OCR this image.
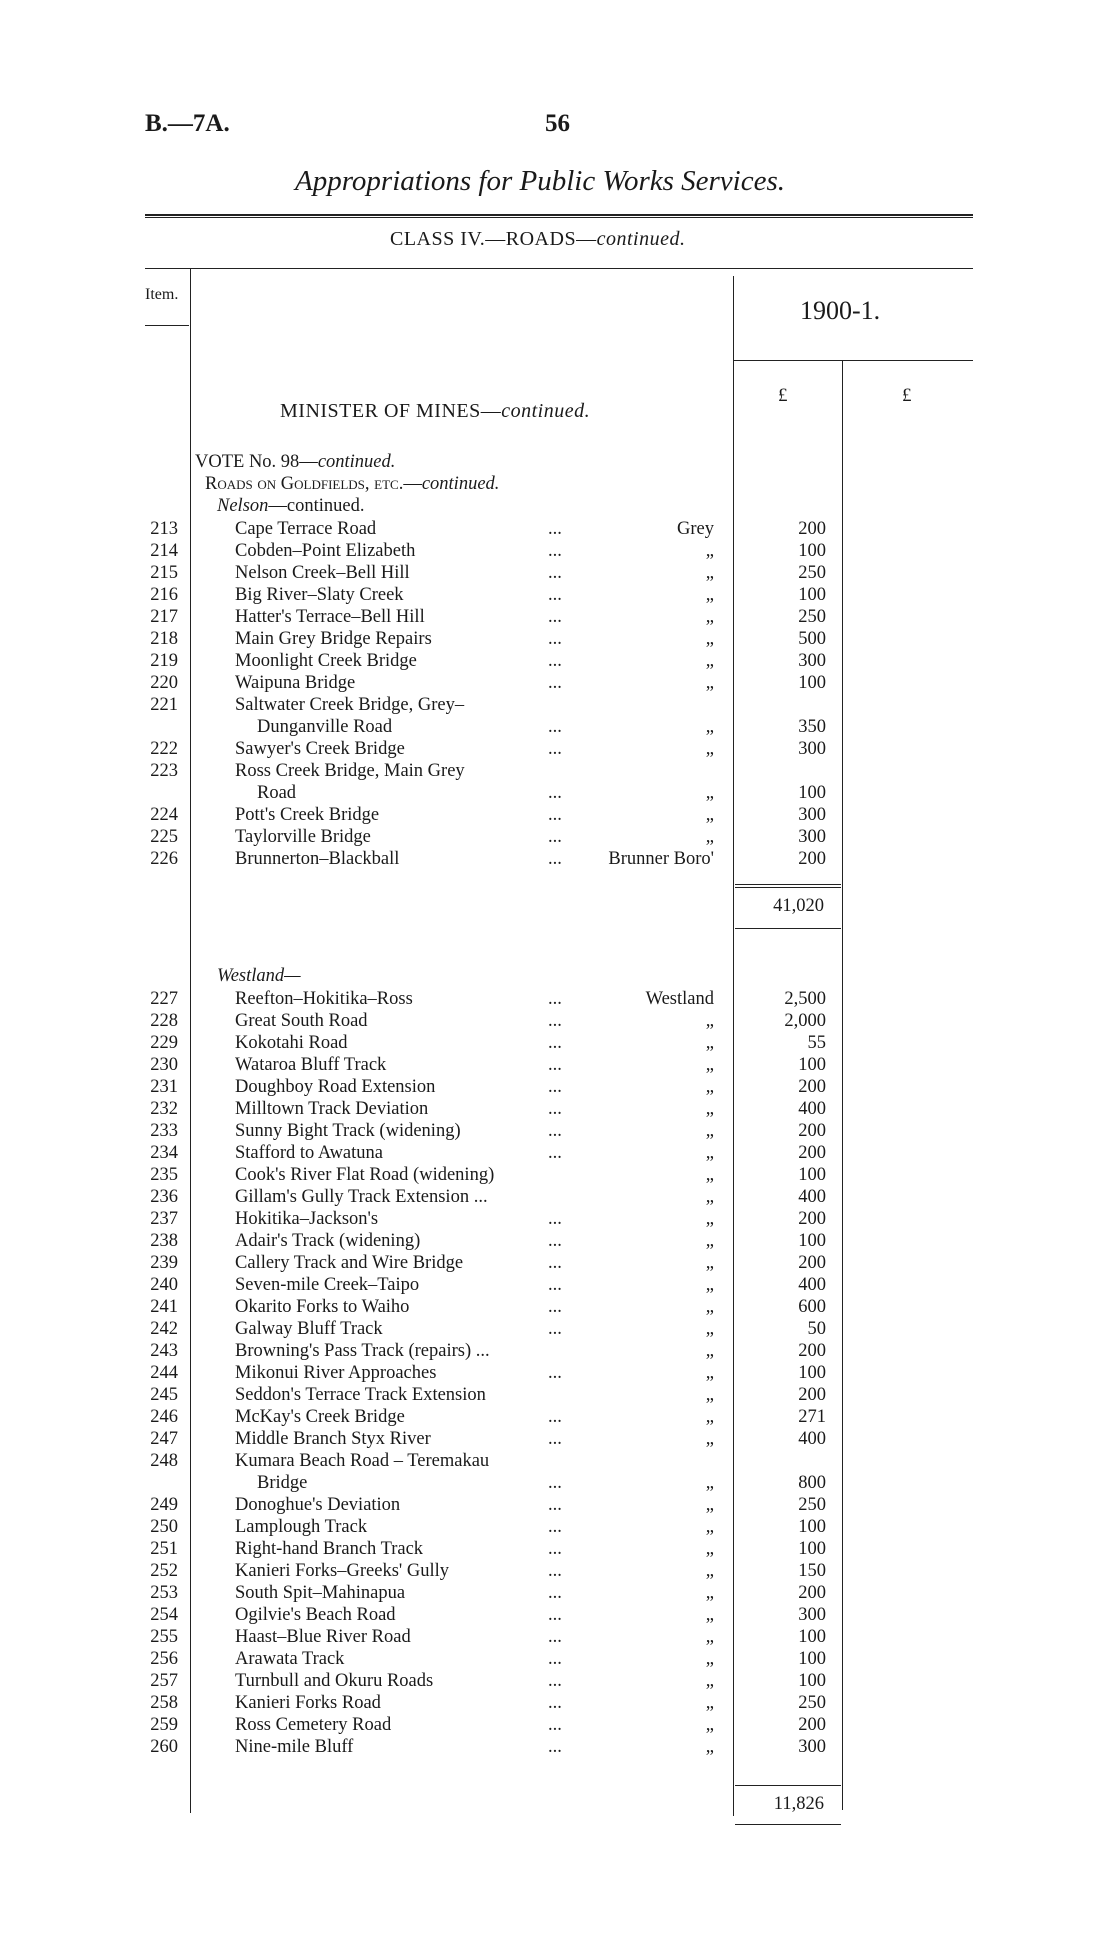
B.—7A.	56
Appropriations for Public Works Services.
CLASS IV.—ROADS—continued.
Item.
1900-1.
£	£
MINISTER OF MINES—continued.
VOTE No. 98—continued.
Roads on Goldfields, etc.—continued.
Nelson—continued.
213	Cape Terrace Road	...	Grey	200
214	Cobden–Point Elizabeth	...	„	100
215	Nelson Creek–Bell Hill	...	„	250
216	Big River–Slaty Creek	...	„	100
217	Hatter's Terrace–Bell Hill	...	„	250
218	Main Grey Bridge Repairs	...	„	500
219	Moonlight Creek Bridge	...	„	300
220	Waipuna Bridge	...	„	100
221	Saltwater Creek Bridge, Grey–
Dunganville Road	...	„	350
222	Sawyer's Creek Bridge	...	„	300
223	Ross Creek Bridge, Main Grey
Road	...	„	100
224	Pott's Creek Bridge	...	„	300
225	Taylorville Bridge	...	„	300
226	Brunnerton–Blackball	...	Brunner Boro'	200
41,020
Westland—
227	Reefton–Hokitika–Ross	...	Westland	2,500
228	Great South Road	...	„	2,000
229	Kokotahi Road	...	„	55
230	Wataroa Bluff Track	...	„	100
231	Doughboy Road Extension	...	„	200
232	Milltown Track Deviation	...	„	400
233	Sunny Bight Track (widening)	...	„	200
234	Stafford to Awatuna	...	„	200
235	Cook's River Flat Road (widening)	„	100
236	Gillam's Gully Track Extension ...	„	400
237	Hokitika–Jackson's	...	„	200
238	Adair's Track (widening)	...	„	100
239	Callery Track and Wire Bridge	...	„	200
240	Seven-mile Creek–Taipo	...	„	400
241	Okarito Forks to Waiho	...	„	600
242	Galway Bluff Track	...	„	50
243	Browning's Pass Track (repairs) ...	„	200
244	Mikonui River Approaches	...	„	100
245	Seddon's Terrace Track Extension	„	200
246	McKay's Creek Bridge	...	„	271
247	Middle Branch Styx River	...	„	400
248	Kumara Beach Road – Teremakau
Bridge	...	„	800
249	Donoghue's Deviation	...	„	250
250	Lamplough Track	...	„	100
251	Right-hand Branch Track	...	„	100
252	Kanieri Forks–Greeks' Gully	...	„	150
253	South Spit–Mahinapua	...	„	200
254	Ogilvie's Beach Road	...	„	300
255	Haast–Blue River Road	...	„	100
256	Arawata Track	...	„	100
257	Turnbull and Okuru Roads	...	„	100
258	Kanieri Forks Road	...	„	250
259	Ross Cemetery Road	...	„	200
260	Nine-mile Bluff	...	„	300
11,826
